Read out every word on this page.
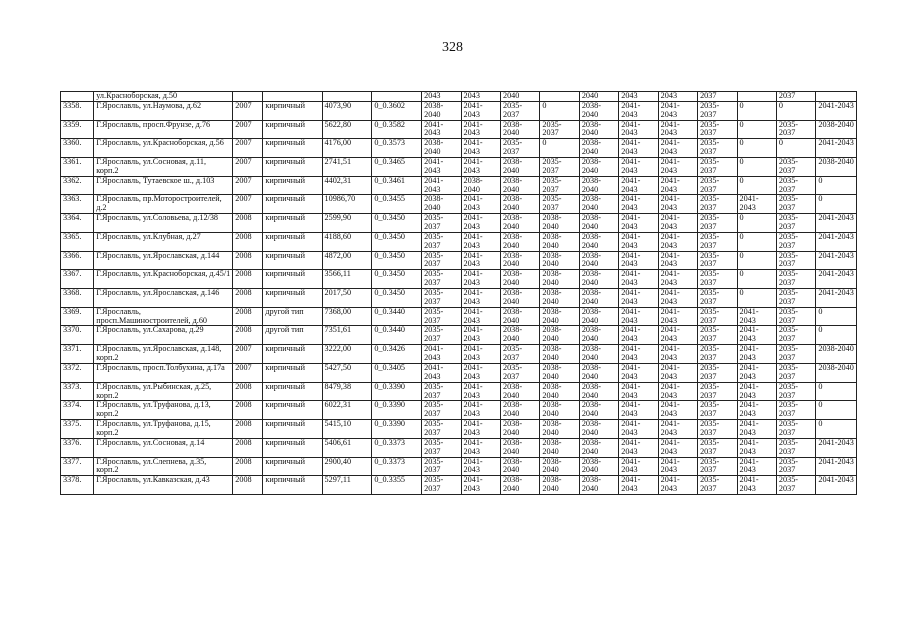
328
	ул.Красноборская, д.50					2043	2043	2040		2040	2043	2043	2037		2037	
3358.	Г.Ярославль, ул.Наумова, д.62	2007	кирпичный	4073,90	0_0.3602	2038-2040	2041-2043	2035-2037	0	2038-2040	2041-2043	2041-2043	2035-2037	0	0	2041-2043
3359.	Г.Ярославль, просп.Фрунзе, д.76	2007	кирпичный	5622,80	0_0.3582	2041-2043	2041-2043	2038-2040	2035-2037	2038-2040	2041-2043	2041-2043	2035-2037	0	2035-2037	2038-2040
3360.	Г.Ярославль, ул.Красноборская, д.56	2007	кирпичный	4176,00	0_0.3573	2038-2040	2041-2043	2035-2037	0	2038-2040	2041-2043	2041-2043	2035-2037	0	0	2041-2043
3361.	Г.Ярославль, ул.Сосновая, д.11, корп.2	2007	кирпичный	2741,51	0_0.3465	2041-2043	2041-2043	2038-2040	2035-2037	2038-2040	2041-2043	2041-2043	2035-2037	0	2035-2037	2038-2040
3362.	Г.Ярославль, Тутаевское ш., д.103	2007	кирпичный	4402,31	0_0.3461	2041-2043	2038-2040	2038-2040	2035-2037	2038-2040	2041-2043	2041-2043	2035-2037	0	2035-2037	0
3363.	Г.Ярославль, пр.Моторостроителей, д.2	2007	кирпичный	10986,70	0_0.3455	2038-2040	2041-2043	2038-2040	2035-2037	2038-2040	2041-2043	2041-2043	2035-2037	2041-2043	2035-2037	0
3364.	Г.Ярославль, ул.Соловьева, д.12/38	2008	кирпичный	2599,90	0_0.3450	2035-2037	2041-2043	2038-2040	2038-2040	2038-2040	2041-2043	2041-2043	2035-2037	0	2035-2037	2041-2043
3365.	Г.Ярославль, ул.Клубная, д.27	2008	кирпичный	4188,60	0_0.3450	2035-2037	2041-2043	2038-2040	2038-2040	2038-2040	2041-2043	2041-2043	2035-2037	0	2035-2037	2041-2043
3366.	Г.Ярославль, ул.Ярославская, д.144	2008	кирпичный	4872,00	0_0.3450	2035-2037	2041-2043	2038-2040	2038-2040	2038-2040	2041-2043	2041-2043	2035-2037	0	2035-2037	2041-2043
3367.	Г.Ярославль, ул.Красноборская, д.45/1	2008	кирпичный	3566,11	0_0.3450	2035-2037	2041-2043	2038-2040	2038-2040	2038-2040	2041-2043	2041-2043	2035-2037	0	2035-2037	2041-2043
3368.	Г.Ярославль, ул.Ярославская, д.146	2008	кирпичный	2017,50	0_0.3450	2035-2037	2041-2043	2038-2040	2038-2040	2038-2040	2041-2043	2041-2043	2035-2037	0	2035-2037	2041-2043
3369.	Г.Ярославль, просп.Машиностроителей, д.60	2008	другой тип	7368,00	0_0.3440	2035-2037	2041-2043	2038-2040	2038-2040	2038-2040	2041-2043	2041-2043	2035-2037	2041-2043	2035-2037	0
3370.	Г.Ярославль, ул.Сахарова, д.29	2008	другой тип	7351,61	0_0.3440	2035-2037	2041-2043	2038-2040	2038-2040	2038-2040	2041-2043	2041-2043	2035-2037	2041-2043	2035-2037	0
3371.	Г.Ярославль, ул.Ярославская, д.148, корп.2	2007	кирпичный	3222,00	0_0.3426	2041-2043	2041-2043	2035-2037	2038-2040	2038-2040	2041-2043	2041-2043	2035-2037	2041-2043	2035-2037	2038-2040
3372.	Г.Ярославль, просп.Толбухина, д.17а	2007	кирпичный	5427,50	0_0.3405	2041-2043	2041-2043	2035-2037	2038-2040	2038-2040	2041-2043	2041-2043	2035-2037	2041-2043	2035-2037	2038-2040
3373.	Г.Ярославль, ул.Рыбинская, д.25, корп.2	2008	кирпичный	8479,38	0_0.3390	2035-2037	2041-2043	2038-2040	2038-2040	2038-2040	2041-2043	2041-2043	2035-2037	2041-2043	2035-2037	0
3374.	Г.Ярославль, ул.Труфанова, д.13, корп.2	2008	кирпичный	6022,31	0_0.3390	2035-2037	2041-2043	2038-2040	2038-2040	2038-2040	2041-2043	2041-2043	2035-2037	2041-2043	2035-2037	0
3375.	Г.Ярославль, ул.Труфанова, д.15, корп.2	2008	кирпичный	5415,10	0_0.3390	2035-2037	2041-2043	2038-2040	2038-2040	2038-2040	2041-2043	2041-2043	2035-2037	2041-2043	2035-2037	0
3376.	Г.Ярославль, ул.Сосновая, д.14	2008	кирпичный	5406,61	0_0.3373	2035-2037	2041-2043	2038-2040	2038-2040	2038-2040	2041-2043	2041-2043	2035-2037	2041-2043	2035-2037	2041-2043
3377.	Г.Ярославль, ул.Слепнева, д.35, корп.2	2008	кирпичный	2900,40	0_0.3373	2035-2037	2041-2043	2038-2040	2038-2040	2038-2040	2041-2043	2041-2043	2035-2037	2041-2043	2035-2037	2041-2043
3378.	Г.Ярославль, ул.Кавказская, д.43	2008	кирпичный	5297,11	0_0.3355	2035-2037	2041-2043	2038-2040	2038-2040	2038-2040	2041-2043	2041-2043	2035-2037	2041-2043	2035-2037	2041-2043
